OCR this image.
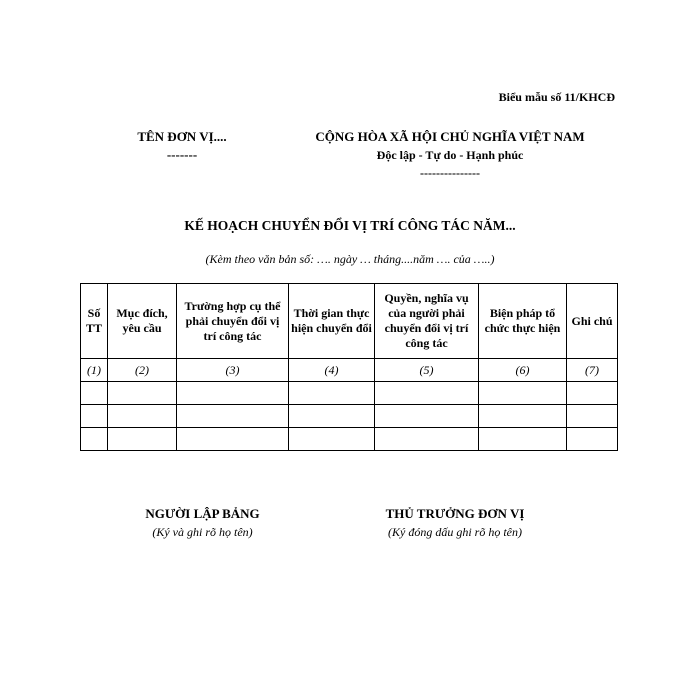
Biểu mẫu số 11/KHCĐ
TÊN ĐƠN VỊ....
-------
CỘNG HÒA XÃ HỘI CHỦ NGHĨA VIỆT NAM
Độc lập - Tự do - Hạnh phúc
---------------
KẾ HOẠCH CHUYỂN ĐỔI VỊ TRÍ CÔNG TÁC NĂM...
(Kèm theo văn bản số: …. ngày … tháng....năm …. của …..)
Số TT	Mục đích, yêu cầu	Trường hợp cụ thể phải chuyển đổi vị trí công tác	Thời gian thực hiện chuyển đổi	Quyền, nghĩa vụ của người phải chuyển đổi vị trí công tác	Biện pháp tổ chức thực hiện	Ghi chú
(1)	(2)	(3)	(4)	(5)	(6)	(7)

NGƯỜI LẬP BẢNG
(Ký và ghi rõ họ tên)
THỦ TRƯỞNG ĐƠN VỊ
(Ký đóng dấu ghi rõ họ tên)
